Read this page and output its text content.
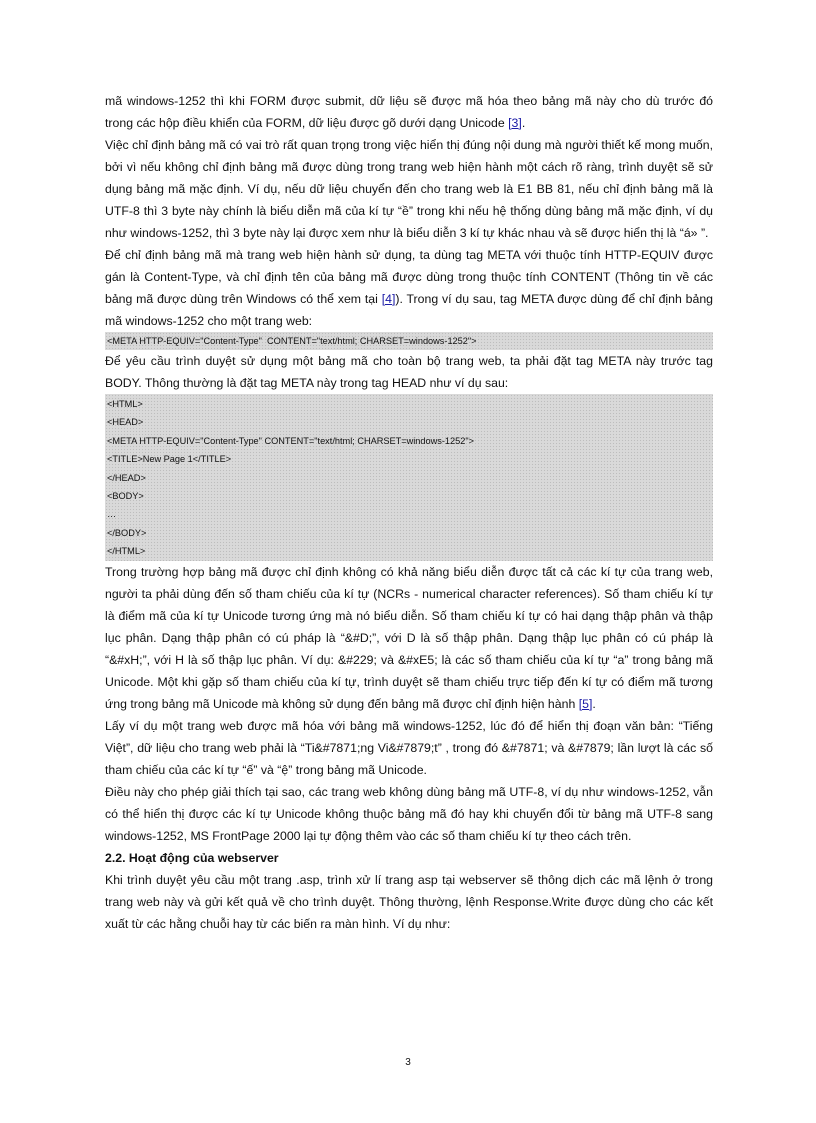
mã windows-1252 thì khi FORM được submit, dữ liệu sẽ được mã hóa theo bảng mã này cho dù trước đó trong các hộp điều khiển của FORM, dữ liệu được gõ dưới dạng Unicode [3].

Việc chỉ định bảng mã có vai trò rất quan trọng trong việc hiển thị đúng nội dung mà người thiết kế mong muốn, bởi vì nếu không chỉ định bảng mã được dùng trong trang web hiện hành một cách rõ ràng, trình duyệt sẽ sử dụng bảng mã mặc định. Ví dụ, nếu dữ liệu chuyển đến cho trang web là E1 BB 81, nếu chỉ định bảng mã là UTF-8 thì 3 byte này chính là biểu diễn mã của kí tự “ề” trong khi nếu hệ thống dùng bảng mã mặc định, ví dụ như windows-1252, thì 3 byte này lại được xem như là biểu diễn 3 kí tự khác nhau và sẽ được hiển thị là “á» ”.

Để chỉ định bảng mã mà trang web hiện hành sử dụng, ta dùng tag META với thuộc tính HTTP-EQUIV được gán là Content-Type, và chỉ định tên của bảng mã được dùng trong thuộc tính CONTENT (Thông tin về các bảng mã được dùng trên Windows có thể xem tại [4]). Trong ví dụ sau, tag META được dùng để chỉ định bảng mã windows-1252 cho một trang web:

<META HTTP-EQUIV="Content-Type"  CONTENT="text/html; CHARSET=windows-1252">

Để yêu cầu trình duyệt sử dụng một bảng mã cho toàn bộ trang web, ta phải đặt tag META này trước tag BODY. Thông thường là đặt tag META này trong tag HEAD như ví dụ sau:

<HTML>
<HEAD>
<META HTTP-EQUIV="Content-Type" CONTENT="text/html; CHARSET=windows-1252">
<TITLE>New Page 1</TITLE>
</HEAD>
<BODY>
…
</BODY>
</HTML>

Trong trường hợp bảng mã được chỉ định không có khả năng biểu diễn được tất cả các kí tự của trang web, người ta phải dùng đến số tham chiếu của kí tự (NCRs - numerical character references). Số tham chiếu kí tự là điểm mã của kí tự Unicode tương ứng mà nó biểu diễn. Số tham chiếu kí tự có hai dạng thập phân và thập lục phân. Dạng thập phân có cú pháp là “&#D;”, với D là số thập phân. Dạng thập lục phân có cú pháp là “&#xH;”, với H là số thập lục phân. Ví dụ: &#229; và &#xE5; là các số tham chiếu của kí tự “a” trong bảng mã Unicode. Một khi gặp số tham chiếu của kí tự, trình duyệt sẽ tham chiếu trực tiếp đến kí tự có điểm mã tương ứng trong bảng mã Unicode mà không sử dụng đến bảng mã được chỉ định hiện hành [5].

Lấy ví dụ một trang web được mã hóa với bảng mã windows-1252, lúc đó để hiển thị đoạn văn bản: “Tiếng Việt”, dữ liệu cho trang web phải là “Ti&#7871;ng Vi&#7879;t” , trong đó &#7871; và &#7879; lần lượt là các số tham chiếu của các kí tự “ế” và “ệ” trong bảng mã Unicode.

Điều này cho phép giải thích tại sao, các trang web không dùng bảng mã UTF-8, ví dụ như windows-1252, vẫn có thể hiển thị được các kí tự Unicode không thuộc bảng mã đó hay khi chuyển đổi từ bảng mã UTF-8 sang windows-1252, MS FrontPage 2000 lại tự động thêm vào các số tham chiếu kí tự theo cách trên.

2.2. Hoạt động của webserver

Khi trình duyệt yêu cầu một trang .asp, trình xử lí trang asp tại webserver sẽ thông dịch các mã lệnh ở trong trang web này và gửi kết quả về cho trình duyệt. Thông thường, lệnh Response.Write được dùng cho các kết xuất từ các hằng chuỗi hay từ các biến ra màn hình. Ví dụ như:

3
